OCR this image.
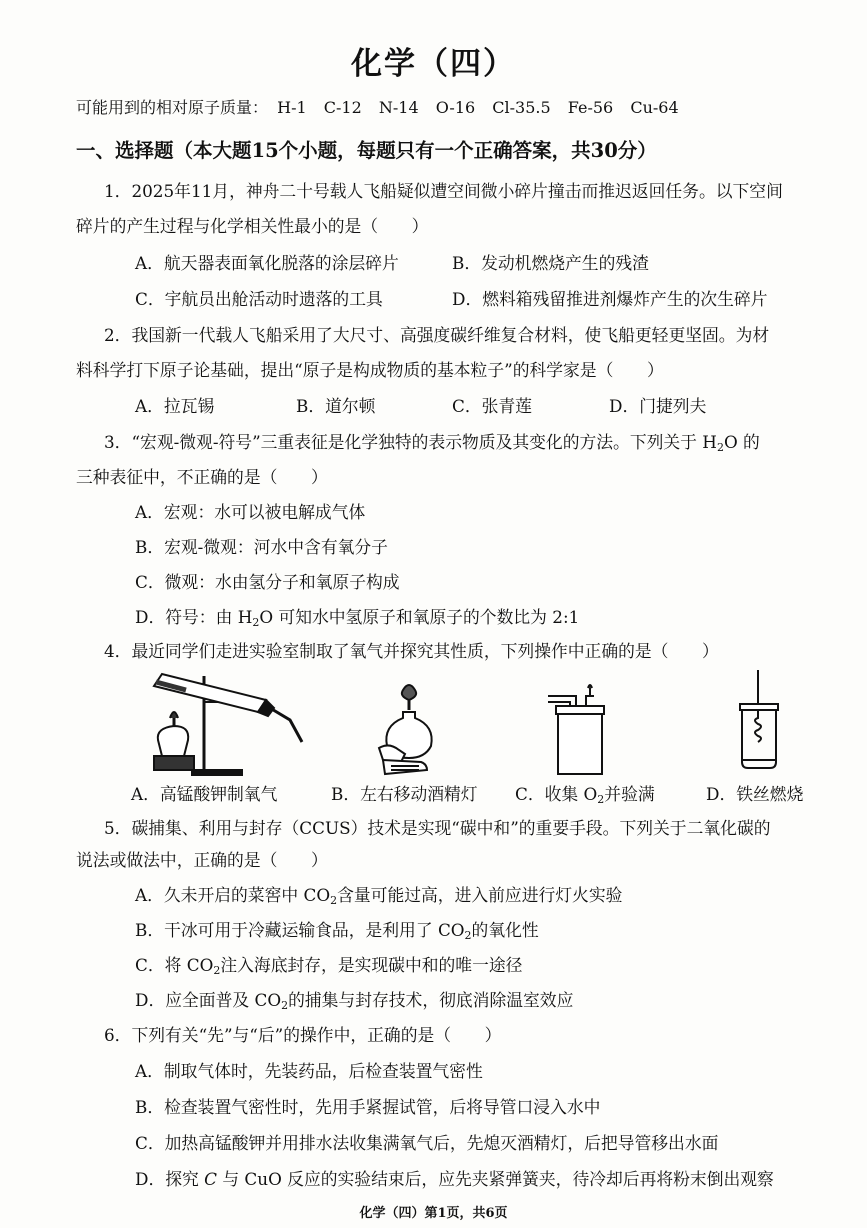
化学（四）
可能用到的相对原子质量： H-1 C-12 N-14 O-16 Cl-35.5 Fe-56 Cu-64
一、选择题（本大题15个小题，每题只有一个正确答案，共30分）
1．2025年11月，神舟二十号载人飞船疑似遭空间微小碎片撞击而推迟返回任务。以下空间
碎片的产生过程与化学相关性最小的是（　　）
A．航天器表面氧化脱落的涂层碎片	B．发动机燃烧产生的残渣
C．宇航员出舱活动时遗落的工具	D．燃料箱残留推进剂爆炸产生的次生碎片
2．我国新一代载人飞船采用了大尺寸、高强度碳纤维复合材料，使飞船更轻更坚固。为材
料科学打下原子论基础，提出“原子是构成物质的基本粒子”的科学家是（　　）
A．拉瓦锡	B．道尔顿	C．张青莲	D．门捷列夫
3．“宏观-微观-符号”三重表征是化学独特的表示物质及其变化的方法。下列关于 $H_2O$ 的
三种表征中，不正确的是（　　）
A．宏观：水可以被电解成气体
B．宏观-微观：河水中含有氧分子
C．微观：水由氢分子和氧原子构成
D．符号：由 $H_2O$ 可知水中氢原子和氧原子的个数比为 2:1
4．最近同学们走进实验室制取了氧气并探究其性质，下列操作中正确的是（　　）
A．高锰酸钾制氧气	B．左右移动酒精灯 C．收集 $O_2$并验满	D．铁丝燃烧
5．碳捕集、利用与封存（CCUS）技术是实现“碳中和”的重要手段。下列关于二氧化碳的
说法或做法中，正确的是（　　）
A．久未开启的菜窖中 $CO_2$含量可能过高，进入前应进行灯火实验
B．干冰可用于冷藏运输食品，是利用了 $CO_2$的氧化性
C．将 $CO_2$注入海底封存，是实现碳中和的唯一途径
D．应全面普及 $CO_2$的捕集与封存技术，彻底消除温室效应
6．下列有关“先”与“后”的操作中，正确的是（　　）
A．制取气体时，先装药品，后检查装置气密性
B．检查装置气密性时，先用手紧握试管，后将导管口浸入水中
C．加热高锰酸钾并用排水法收集满氧气后，先熄灭酒精灯，后把导管移出水面
D．探究 C 与 CuO 反应的实验结束后，应先夹紧弹簧夹，待冷却后再将粉末倒出观察
化学（四）第1页，共6页
